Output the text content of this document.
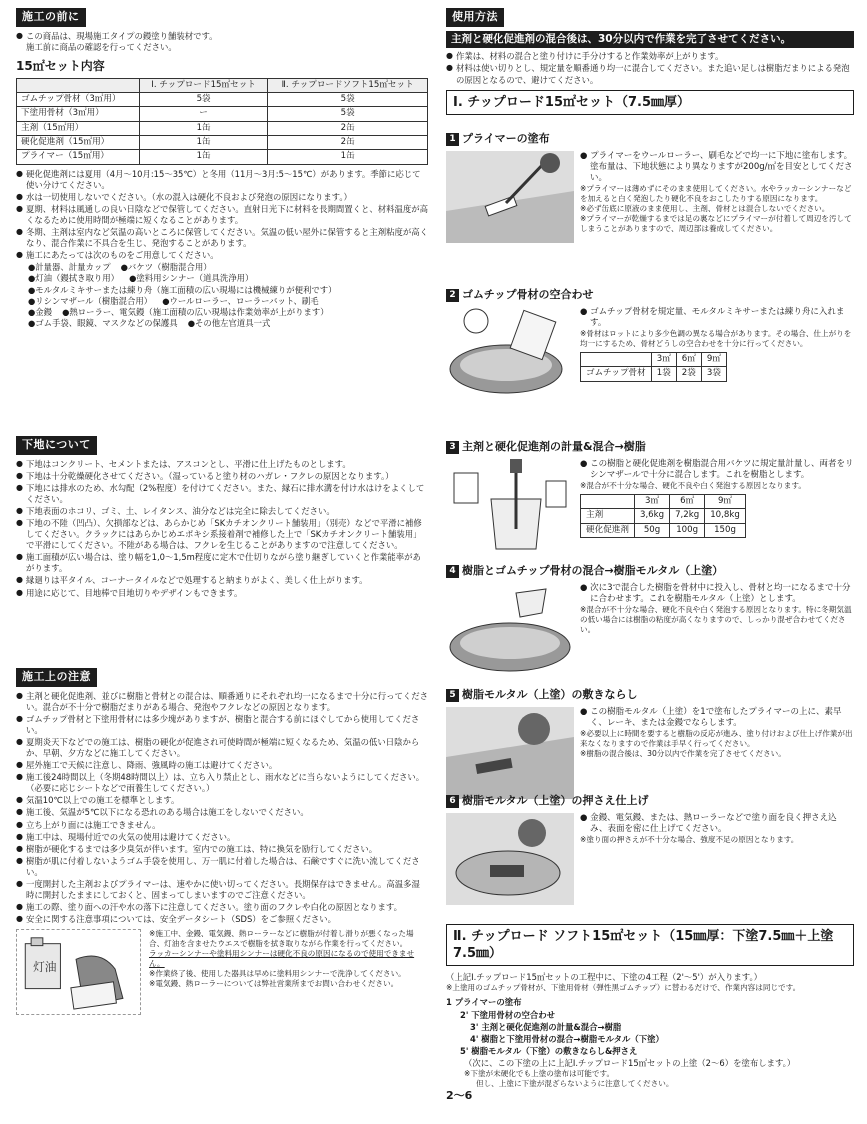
施工の前に
● この商品は、現場施工タイプの鏝塗り舗装材です。
施工前に商品の確認を行ってください。
15㎡セット内容
	Ⅰ. チップロード15㎡セット	Ⅱ. チップロードソフト15㎡セット
ゴムチップ骨材（3㎡用）	5袋	5袋
下塗用骨材（3㎡用）	ー	5袋
主剤（15㎡用）	1缶	2缶
硬化促進剤（15㎡用）	1缶	2缶
プライマー（15㎡用）	1缶	1缶
● 硬化促進剤には夏用（4月〜10月:15〜35℃）と冬用（11月〜3月:5〜15℃）があります。季節に応じて使い分けてください。
● 水は一切使用しないでください。（水の混入は硬化不良および発泡の原因になります。）
● 夏期、材料は風通しの良い日陰などで保管してください。直射日光下に材料を長期間置くと、材料温度が高くなるために使用時間が極端に短くなることがあります。
● 冬期、主剤は室内など気温の高いところに保管してください。気温の低い屋外に保管すると主剤粘度が高くなり、混合作業に不具合を生じ、発泡することがあります。
● 施工にあたっては次のものをご用意してください。
●計量器、計量カップ ●バケツ（樹脂混合用）
●灯油（鏝拭き取り用） ●塗料用シンナー（道具洗浄用）
●モルタルミキサーまたは練り舟（施工面積の広い現場には機械練りが便利です）
●リシンマザール（樹脂混合用） ●ウールローラー、ローラーバット、刷毛
●金鏝 ●熱ローラー、電気鏝（施工面積の広い現場は作業効率が上がります）
●ゴム手袋、眼鏡、マスクなどの保護具 ●その他左官道具一式
下地について
● 下地はコンクリート、セメントまたは、アスコンとし、平滑に仕上げたものとします。
● 下地は十分乾燥硬化させてください。（湿っていると塗り材のハガレ・フクレの原因となります。）
● 下地には排水のため、水勾配（2%程度）を付けてください。また、縁石に排水溝を付け水はけをよくしてください。
● 下地表面のホコリ、ゴミ、土、レイタンス、油分などは完全に除去してください。
● 下地の不陸（凹凸）、欠損部などは、あらかじめ「SKカチオンクリート舗装用」（別売）などで平滑に補修してください。クラックにはあらかじめエポキシ系接着剤で補修した上で「SKカチオンクリート舗装用」で平滑にしてください。不陸がある場合は、フクレを生じることがありますので注意してください。
● 施工面積が広い場合は、塗り幅を1,0〜1,5m程度に定木で仕切りながら塗り継ぎしていくと作業能率があがります。
● 縁廻りは平タイル、コーナータイルなどで処理すると納まりがよく、美しく仕上がります。
● 用途に応じて、目地棒で目地切りやデザインもできます。
施工上の注意
● 主剤と硬化促進剤、並びに樹脂と骨材との混合は、順番通りにそれぞれ均一になるまで十分に行ってください。混合が不十分で樹脂だまりがある場合、発泡やフクレなどの原因となります。
● ゴムチップ骨材と下塗用骨材には多少塊がありますが、樹脂と混合する前にほぐしてから使用してください。
● 夏期炎天下などでの施工は、樹脂の硬化が促進され可使時間が極端に短くなるため、気温の低い日陰からか、早朝、夕方などに施工してください。
● 屋外施工で天候に注意し、降雨、強風時の施工は避けてください。
● 施工後24時間以上（冬期48時間以上）は、立ち入り禁止とし、雨水などに当らないようにしてください。（必要に応じシートなどで雨養生してください。）
● 気温10℃以上での施工を標準とします。
● 施工後、気温が5℃以下になる恐れのある場合は施工をしないでください。
● 立ち上がり面には施工できません。
● 施工中は、現場付近での火気の使用は避けてください。
● 樹脂が硬化するまでは多少臭気が伴います。室内での施工は、特に換気を励行してください。
● 樹脂が肌に付着しないようゴム手袋を使用し、万一肌に付着した場合は、石鹸ですぐに洗い流してください。
● 一度開封した主剤およびプライマーは、速やかに使い切ってください。長期保存はできません。高温多湿時に開封したままにしておくと、固まってしまいますのでご注意ください。
● 施工の際、塗り面への汗や水の落下に注意してください。塗り面のフクレや白化の原因となります。
● 安全に関する注意事項については、安全データシート（SDS）をご参照ください。
灯油
※施工中、金鏝、電気鏝、熱ローラーなどに樹脂が付着し滑りが悪くなった場合、灯油を含ませたウエスで樹脂を拭き取りながら作業を行ってください。
ラッカーシンナーや塗料用シンナーは硬化不良の原因になるので使用できません。
※作業終了後、使用した器具は早めに塗料用シンナーで洗浄してください。
※電気鏝、熱ローラーについては弊社営業所までお問い合わせください。
使用方法
主剤と硬化促進剤の混合後は、30分以内で作業を完了させてください。
● 作業は、材料の混合と塗り付けに手分けすると作業効率が上がります。
● 材料は使い切りとし、規定量を順番通り均一に混合してください。また追い足しは樹脂だまりによる発泡の原因となるので、避けてください。
Ⅰ. チップロード15㎡セット（7.5㎜厚）
1 プライマーの塗布
● プライマーをウールローラー、刷毛などで均一に下地に塗布します。塗布量は、下地状態により異なりますが200g/㎡を目安としてください。
※プライマーは薄めずにそのまま使用してください。水やラッカーシンナーなどを加えると白く発泡したり硬化不良をおこしたりする原因になります。
※必ず缶底に原液のまま使用し、主剤、骨材とは混合しないでください。
※プライマーが乾燥するまでは足の裏などにプライマーが付着して周辺を汚してしまうことがありますので、周辺部は養成してください。
2 ゴムチップ骨材の空合わせ
● ゴムチップ骨材を規定量、モルタルミキサーまたは練り舟に入れます。
※骨材はロットにより多少色調の異なる場合があります。その場合、仕上がりを均一にするため、骨材どうしの空合わせを十分に行ってください。
	3㎡	6㎡	9㎡
ゴムチップ骨材	1袋	2袋	3袋
3 主剤と硬化促進剤の計量&混合→樹脂
● この樹脂と硬化促進剤を樹脂混合用バケツに規定量計量し、両者をリシンマザールで十分に混合します。これを樹脂とします。
※混合が不十分な場合、硬化不良や白く発泡する原因となります。
	3㎡	6㎡	9㎡
主剤	3,6kg	7,2kg	10,8kg
硬化促進剤	50g	100g	150g
4 樹脂とゴムチップ骨材の混合→樹脂モルタル（上塗）
● 次に3で混合した樹脂を骨材中に投入し、骨材と均一になるまで十分に合わせます。これを樹脂モルタル（上塗）とします。
※混合が不十分な場合、硬化不良や白く発泡する原因となります。特に冬期気温の低い場合には樹脂の粘度が高くなりますので、しっかり混ぜ合わせてください。
5 樹脂モルタル（上塗）の敷きならし
● この樹脂モルタル（上塗）を1で塗布したプライマーの上に、素早く、レーキ、または金鏝でならします。
※必要以上に時間を要すると樹脂の反応が進み、塗り付けおよび仕上げ作業が出来なくなりますので作業は手早く行ってください。
※樹脂の混合後は、30分以内で作業を完了させてください。
6 樹脂モルタル（上塗）の押さえ仕上げ
● 金鏝、電気鏝、または、熱ローラーなどで塗り面を良く押さえ込み、表面を密に仕上げてください。
※塗り面の押さえが不十分な場合、強度不足の原因となります。
Ⅱ. チップロード ソフト15㎡セット（15㎜厚：下塗7.5㎜＋上塗7.5㎜）
（上記Ⅰ.チップロード15㎡セットの工程中に、下塗の4工程（2'〜5'）が入ります。）
※上塗用のゴムチップ骨材が、下塗用骨材（弾性黒ゴムチップ）に替わるだけで、作業内容は同じです。
1 プライマーの塗布
2' 下塗用骨材の空合わせ
3' 主剤と硬化促進剤の計量&混合→樹脂
4' 樹脂と下塗用骨材の混合→樹脂モルタル（下塗）
5' 樹脂モルタル（下塗）の敷きならし&押さえ
（次に、この下塗の上に上記Ⅰ.チップロード15㎡セットの上塗（2〜6）を塗布します。）
※下塗が未硬化でも上塗の塗布は可能です。
但し、上塗に下塗が混ざらないように注意してください。
2〜6
